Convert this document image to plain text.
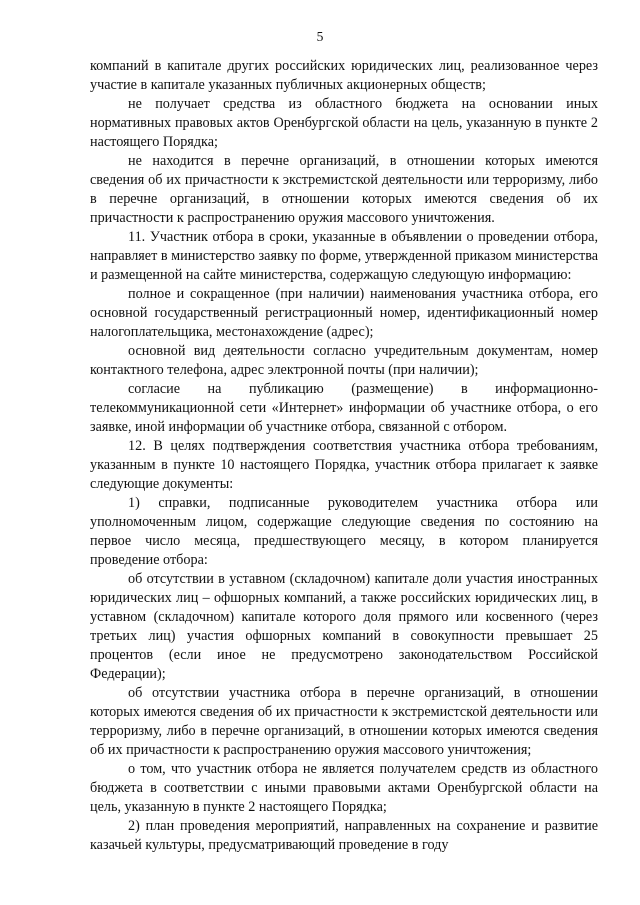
5

компаний в капитале других российских юридических лиц, реализованное через участие в капитале указанных публичных акционерных обществ;

не получает средства из областного бюджета на основании иных нормативных правовых актов Оренбургской области на цель, указанную в пункте 2 настоящего Порядка;

не находится в перечне организаций, в отношении которых имеются сведения об их причастности к экстремистской деятельности или терроризму, либо в перечне организаций, в отношении которых имеются сведения об их причастности к распространению оружия массового уничтожения.

11. Участник отбора в сроки, указанные в объявлении о проведении отбора, направляет в министерство заявку по форме, утвержденной приказом министерства и размещенной на сайте министерства, содержащую следующую информацию:

полное и сокращенное (при наличии) наименования участника отбора, его основной государственный регистрационный номер, идентификационный номер налогоплательщика, местонахождение (адрес);

основной вид деятельности согласно учредительным документам, номер контактного телефона, адрес электронной почты (при наличии);

согласие на публикацию (размещение) в информационно-телекоммуникационной сети «Интернет» информации об участнике отбора, о его заявке, иной информации об участнике отбора, связанной с отбором.

12. В целях подтверждения соответствия участника отбора требованиям, указанным в пункте 10 настоящего Порядка, участник отбора прилагает к заявке следующие документы:

1) справки, подписанные руководителем участника отбора или уполномоченным лицом, содержащие следующие сведения по состоянию на первое число месяца, предшествующего месяцу, в котором планируется проведение отбора:

об отсутствии в уставном (складочном) капитале доли участия иностранных юридических лиц – офшорных компаний, а также российских юридических лиц, в уставном (складочном) капитале которого доля прямого или косвенного (через третьих лиц) участия офшорных компаний в совокупности превышает 25 процентов (если иное не предусмотрено законодательством Российской Федерации);

об отсутствии участника отбора в перечне организаций, в отношении которых имеются сведения об их причастности к экстремистской деятельности или терроризму, либо в перечне организаций, в отношении которых имеются сведения об их причастности к распространению оружия массового уничтожения;

о том, что участник отбора не является получателем средств из областного бюджета в соответствии с иными правовыми актами Оренбургской области на цель, указанную в пункте 2 настоящего Порядка;

2) план проведения мероприятий, направленных на сохранение и развитие казачьей культуры, предусматривающий проведение в году
